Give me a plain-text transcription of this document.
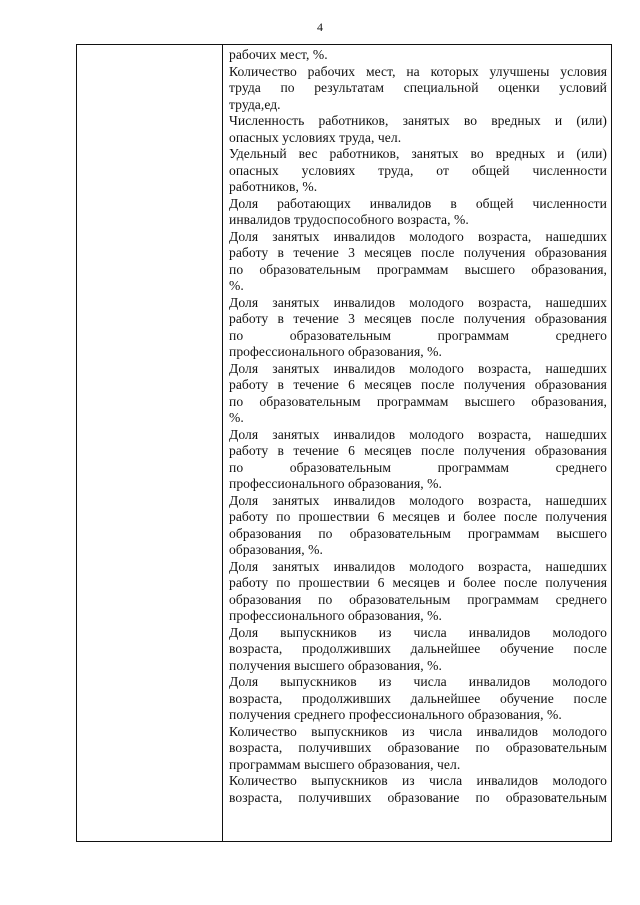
4

рабочих мест, %.

Количество рабочих мест, на которых улучшены условия
труда по результатам специальной оценки условий
труда,ед.

Численность работников, занятых во вредных и (или)
опасных условиях труда, чел.

Удельный вес работников, занятых во вредных и (или)
опасных условиях труда, от общей численности
работников, %.

Доля работающих инвалидов в общей численности
инвалидов трудоспособного возраста, %.

Доля занятых инвалидов молодого возраста, нашедших
работу в течение 3 месяцев после получения образования
по образовательным программам высшего образования,
%.

Доля занятых инвалидов молодого возраста, нашедших
работу в течение 3 месяцев после получения образования
по образовательным программам среднего
профессионального образования, %.

Доля занятых инвалидов молодого возраста, нашедших
работу в течение 6 месяцев после получения образования
по образовательным программам высшего образования,
%.

Доля занятых инвалидов молодого возраста, нашедших
работу в течение 6 месяцев после получения образования
по образовательным программам среднего
профессионального образования, %.

Доля занятых инвалидов молодого возраста, нашедших
работу по прошествии 6 месяцев и более после получения
образования по образовательным программам высшего
образования, %.

Доля занятых инвалидов молодого возраста, нашедших
работу по прошествии 6 месяцев и более после получения
образования по образовательным программам среднего
профессионального образования, %.

Доля выпускников из числа инвалидов молодого
возраста, продолживших дальнейшее обучение после
получения высшего образования, %.

Доля выпускников из числа инвалидов молодого
возраста, продолживших дальнейшее обучение после
получения среднего профессионального образования, %.

Количество выпускников из числа инвалидов молодого
возраста, получивших образование по образовательным
программам высшего образования, чел.

Количество выпускников из числа инвалидов молодого
возраста, получивших образование по образовательным
